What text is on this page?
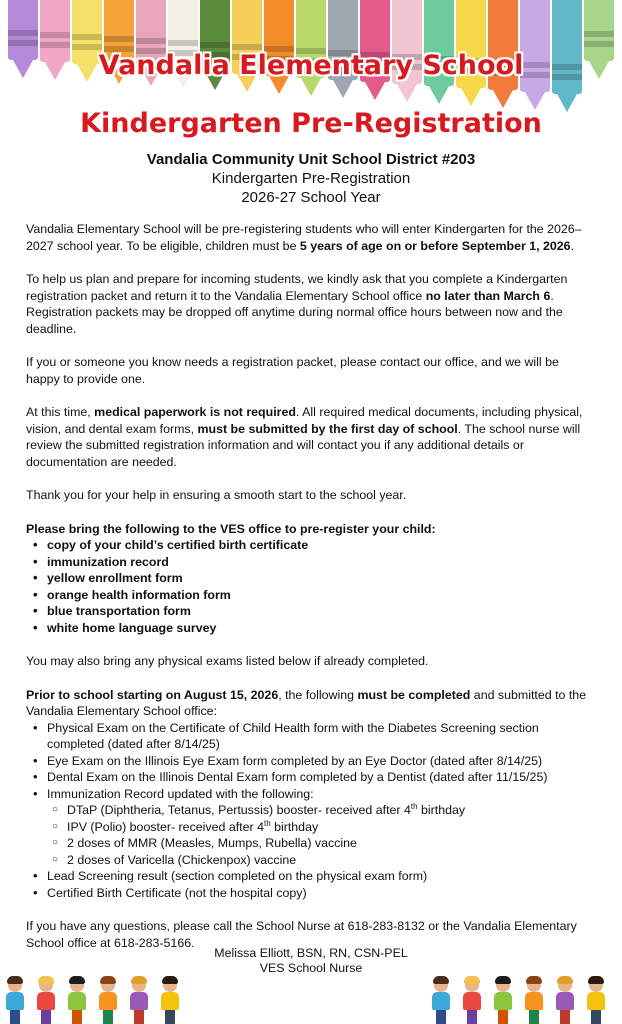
Vandalia Elementary School
Kindergarten Pre-Registration
Vandalia Community Unit School District #203
Kindergarten Pre-Registration
2026-27 School Year

Vandalia Elementary School will be pre-registering students who will enter Kindergarten for the 2026–2027 school year. To be eligible, children must be 5 years of age on or before September 1, 2026.

To help us plan and prepare for incoming students, we kindly ask that you complete a Kindergarten registration packet and return it to the Vandalia Elementary School office no later than March 6. Registration packets may be dropped off anytime during normal office hours between now and the deadline.

If you or someone you know needs a registration packet, please contact our office, and we will be happy to provide one.

At this time, medical paperwork is not required. All required medical documents, including physical, vision, and dental exam forms, must be submitted by the first day of school. The school nurse will review the submitted registration information and will contact you if any additional details or documentation are needed.

Thank you for your help in ensuring a smooth start to the school year.

Please bring the following to the VES office to pre-register your child:
• copy of your child’s certified birth certificate
• immunization record
• yellow enrollment form
• orange health information form
• blue transportation form
• white home language survey

You may also bring any physical exams listed below if already completed.

Prior to school starting on August 15, 2026, the following must be completed and submitted to the Vandalia Elementary School office:
• Physical Exam on the Certificate of Child Health form with the Diabetes Screening section completed (dated after 8/14/25)
• Eye Exam on the Illinois Eye Exam form completed by an Eye Doctor (dated after 8/14/25)
• Dental Exam on the Illinois Dental Exam form completed by a Dentist (dated after 11/15/25)
• Immunization Record updated with the following:
○ DTaP (Diphtheria, Tetanus, Pertussis) booster- received after 4th birthday
○ IPV (Polio) booster- received after 4th birthday
○ 2 doses of MMR (Measles, Mumps, Rubella) vaccine
○ 2 doses of Varicella (Chickenpox) vaccine
• Lead Screening result (section completed on the physical exam form)
• Certified Birth Certificate (not the hospital copy)

If you have any questions, please call the School Nurse at 618-283-8132 or the Vandalia Elementary School office at 618-283-5166.

Melissa Elliott, BSN, RN, CSN-PEL
VES School Nurse
